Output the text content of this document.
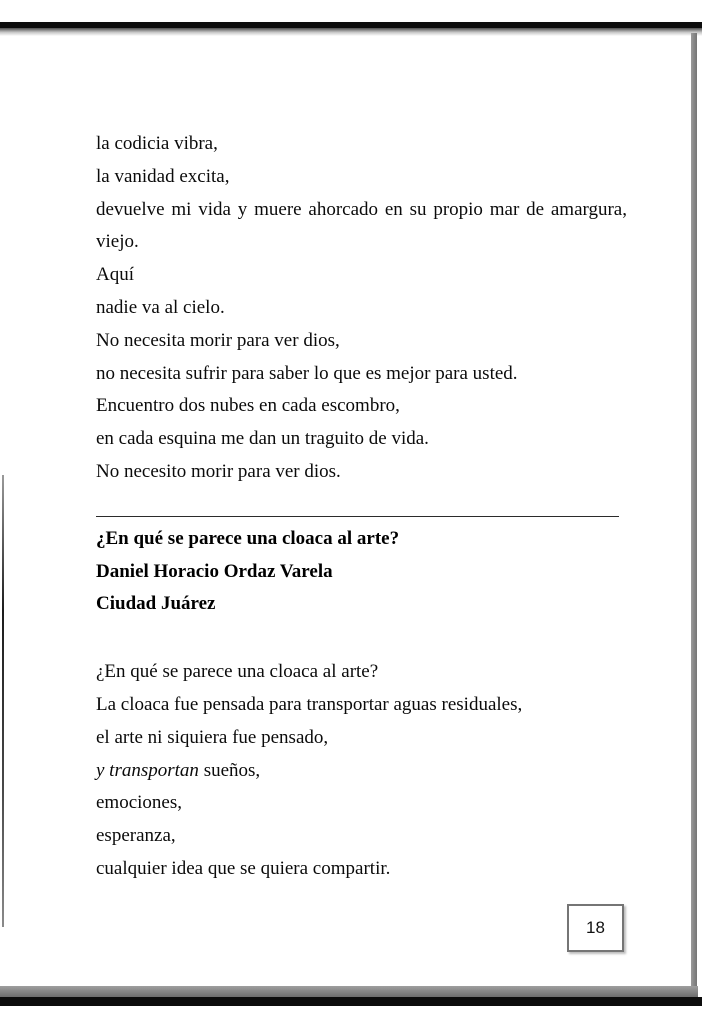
la codicia vibra,
la vanidad excita,
devuelve mi vida y muere ahorcado en su propio mar de amargura,
viejo.
Aquí
nadie va al cielo.
No necesita morir para ver dios,
no necesita sufrir para saber lo que es mejor para usted.
Encuentro dos nubes en cada escombro,
en cada esquina me dan un traguito de vida.
No necesito morir para ver dios.
¿En qué se parece una cloaca al arte?
Daniel Horacio Ordaz Varela
Ciudad Juárez
¿En qué se parece una cloaca al arte?
La cloaca fue pensada para transportar aguas residuales,
el arte ni siquiera fue pensado,
y transportan sueños,
emociones,
esperanza,
cualquier idea que se quiera compartir.
18
